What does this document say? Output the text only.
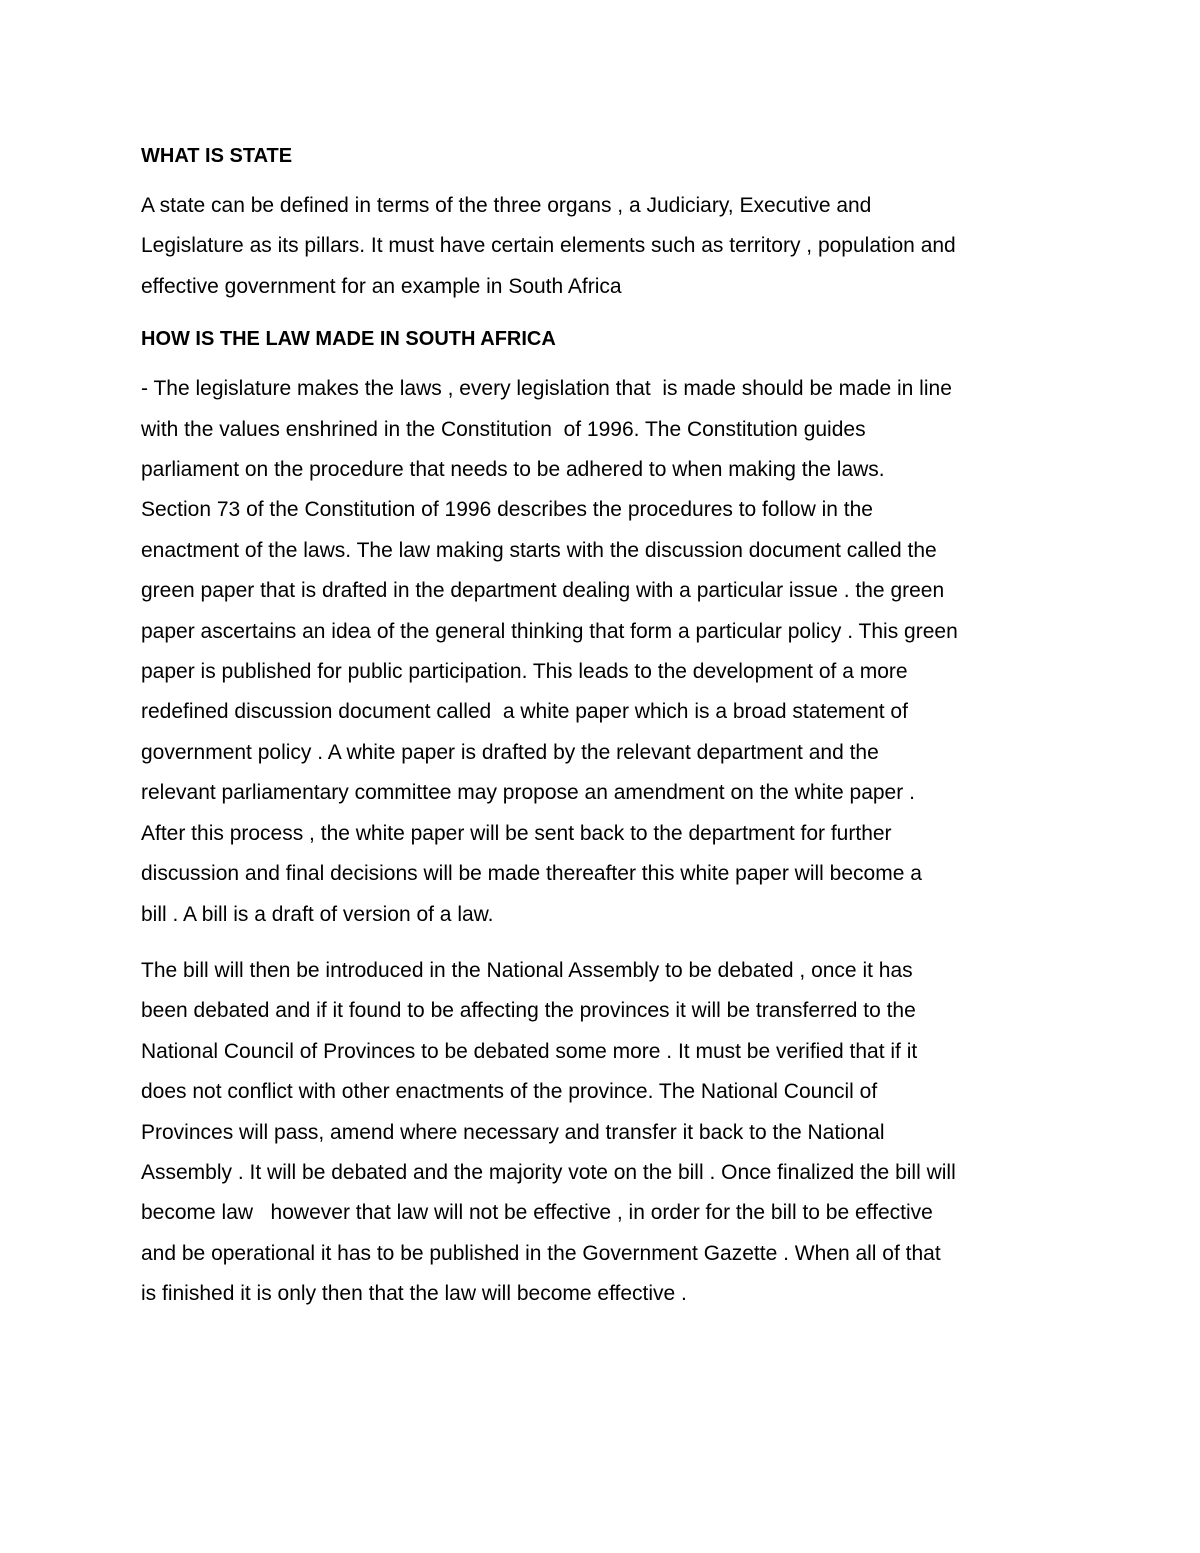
WHAT IS STATE

A state can be defined in terms of the three organs , a Judiciary, Executive and

Legislature as its pillars. It must have certain elements such as territory , population and

effective government for an example in South Africa

HOW IS THE LAW MADE IN SOUTH AFRICA

- The legislature makes the laws , every legislation that  is made should be made in line

with the values enshrined in the Constitution  of 1996. The Constitution guides

parliament on the procedure that needs to be adhered to when making the laws.

Section 73 of the Constitution of 1996 describes the procedures to follow in the

enactment of the laws. The law making starts with the discussion document called the

green paper that is drafted in the department dealing with a particular issue . the green

paper ascertains an idea of the general thinking that form a particular policy . This green

paper is published for public participation. This leads to the development of a more

redefined discussion document called  a white paper which is a broad statement of

government policy . A white paper is drafted by the relevant department and the

relevant parliamentary committee may propose an amendment on the white paper .

After this process , the white paper will be sent back to the department for further

discussion and final decisions will be made thereafter this white paper will become a

bill . A bill is a draft of version of a law.

The bill will then be introduced in the National Assembly to be debated , once it has

been debated and if it found to be affecting the provinces it will be transferred to the

National Council of Provinces to be debated some more . It must be verified that if it

does not conflict with other enactments of the province. The National Council of

Provinces will pass, amend where necessary and transfer it back to the National

Assembly . It will be debated and the majority vote on the bill . Once finalized the bill will

become law   however that law will not be effective , in order for the bill to be effective

and be operational it has to be published in the Government Gazette . When all of that

is finished it is only then that the law will become effective .
